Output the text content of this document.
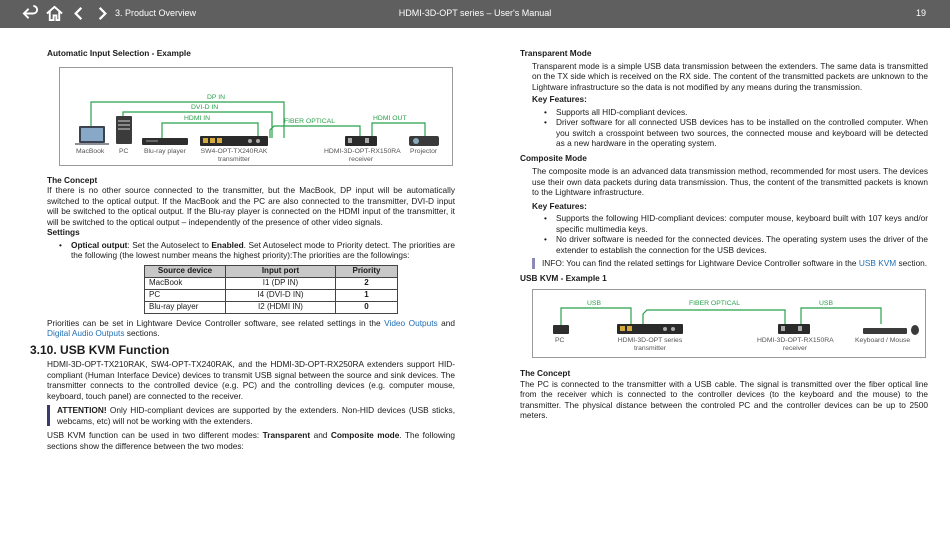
3. Product Overview	HDMI-3D-OPT series – User's Manual	19
Automatic Input Selection - Example
DP IN
DVI-D IN
HDMI IN	FIBER OPTICAL	HDMI OUT
MacBook PC Blu-ray player SW4-OPT-TX240RAK
transmitter
HDMI-3D-OPT-RX150RA
receiver
Projector
The Concept

If there is no other source connected to the transmitter, but the MacBook, DP input will be automatically switched to the optical output. If the MacBook and the PC are also connected to the transmitter, DVI-D input will be switched to the optical output. If the Blu-ray player is connected on the HDMI input of the transmitter, it will be switched to the optical output – independently of the presence of other video signals.

Settings

• Optical output: Set the Autoselect to Enabled. Set Autoselect mode to Priority detect. The priorities are the following (the lowest number means the highest priority):The priorities are the followings:

Source device	Input port	Priority
MacBook	I1 (DP IN)	2
PC	I4 (DVI-D IN)	1
Blu-ray player	I2 (HDMI IN)	0

Priorities can be set in Lightware Device Controller software, see related settings in the Video Outputs and Digital Audio Outputs sections.

3.10. USB KVM Function

HDMI-3D-OPT-TX210RAK, SW4-OPT-TX240RAK, and the HDMI-3D-OPT-RX250RA extenders support HID-compliant (Human Interface Device) devices to transmit USB signal between the source and sink devices. The transmitter connects to the controlled device (e.g. PC) and the controlling devices (e.g. computer mouse, keyboard, touch panel) are connected to the receiver.

ATTENTION! Only HID-compliant devices are supported by the extenders. Non-HID devices (USB sticks, webcams, etc) will not be working with the extenders.

USB KVM function can be used in two different modes: Transparent and Composite mode. The following sections show the difference between the two modes:

Transparent Mode

Transparent mode is a simple USB data transmission between the extenders. The same data is transmitted on the TX side which is received on the RX side. The content of the transmitted packets are unknown to the Lightware infrastructure so the data is not modified by any means during the transmission.

Key Features:

• Supports all HID-compliant devices.

• Driver software for all connected USB devices has to be installed on the controlled computer. When you switch a crosspoint between two sources, the connected mouse and keyboard will be detected as a new hardware in the operating system.

Composite Mode

The composite mode is an advanced data transmission method, recommended for most users. The devices use their own data packets during data transmission. Thus, the content of the transmitted packets is known to the Lightware infrastructure.

Key Features:

• Supports the following HID-compliant devices: computer mouse, keyboard built with 107 keys and/or specific multimedia keys.

• No driver software is needed for the connected devices. The operating system uses the driver of the extender to establish the connection for the USB devices.

INFO: You can find the related settings for Lightware Device Controller software in the USB KVM section.
USB KVM - Example 1
USB	FIBER OPTICAL	USB
PC	HDMI-3D-OPT series
transmitter
HDMI-3D-OPT-RX150RA
receiver
Keyboard / Mouse
The Concept

The PC is connected to the transmitter with a USB cable. The signal is transmitted over the fiber optical line from the receiver which is connected to the controller devices (to the keyboard and the mouse) to the transmitter. The physical distance between the controled PC and the controller devices can be up to 2500 meters.
